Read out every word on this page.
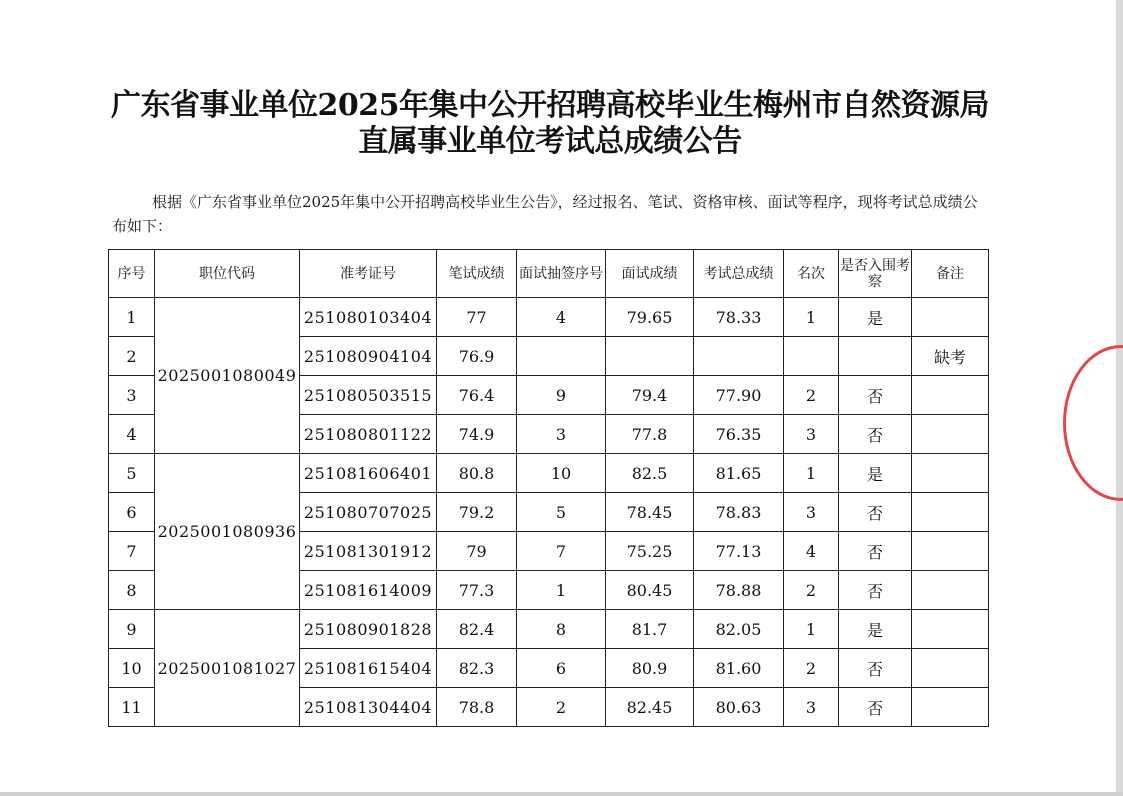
广东省事业单位2025年集中公开招聘高校毕业生梅州市自然资源局
直属事业单位考试总成绩公告
根据《广东省事业单位2025年集中公开招聘高校毕业生公告》，经过报名、笔试、资格审核、面试等程序，现将考试总成绩公布如下：
序号	职位代码	准考证号	笔试成绩	面试抽签序号	面试成绩	考试总成绩	名次	是否入围考察	备注
1	2025001080049	251080103404	77	4	79.65	78.33	1	是	
2		251080904104	76.9						缺考
3		251080503515	76.4	9	79.4	77.90	2	否	
4		251080801122	74.9	3	77.8	76.35	3	否	
5	2025001080936	251081606401	80.8	10	82.5	81.65	1	是	
6		251080707025	79.2	5	78.45	78.83	3	否	
7		251081301912	79	7	75.25	77.13	4	否	
8		251081614009	77.3	1	80.45	78.88	2	否	
9	2025001081027	251080901828	82.4	8	81.7	82.05	1	是	
10		251081615404	82.3	6	80.9	81.60	2	否	
11		251081304404	78.8	2	82.45	80.63	3	否	
